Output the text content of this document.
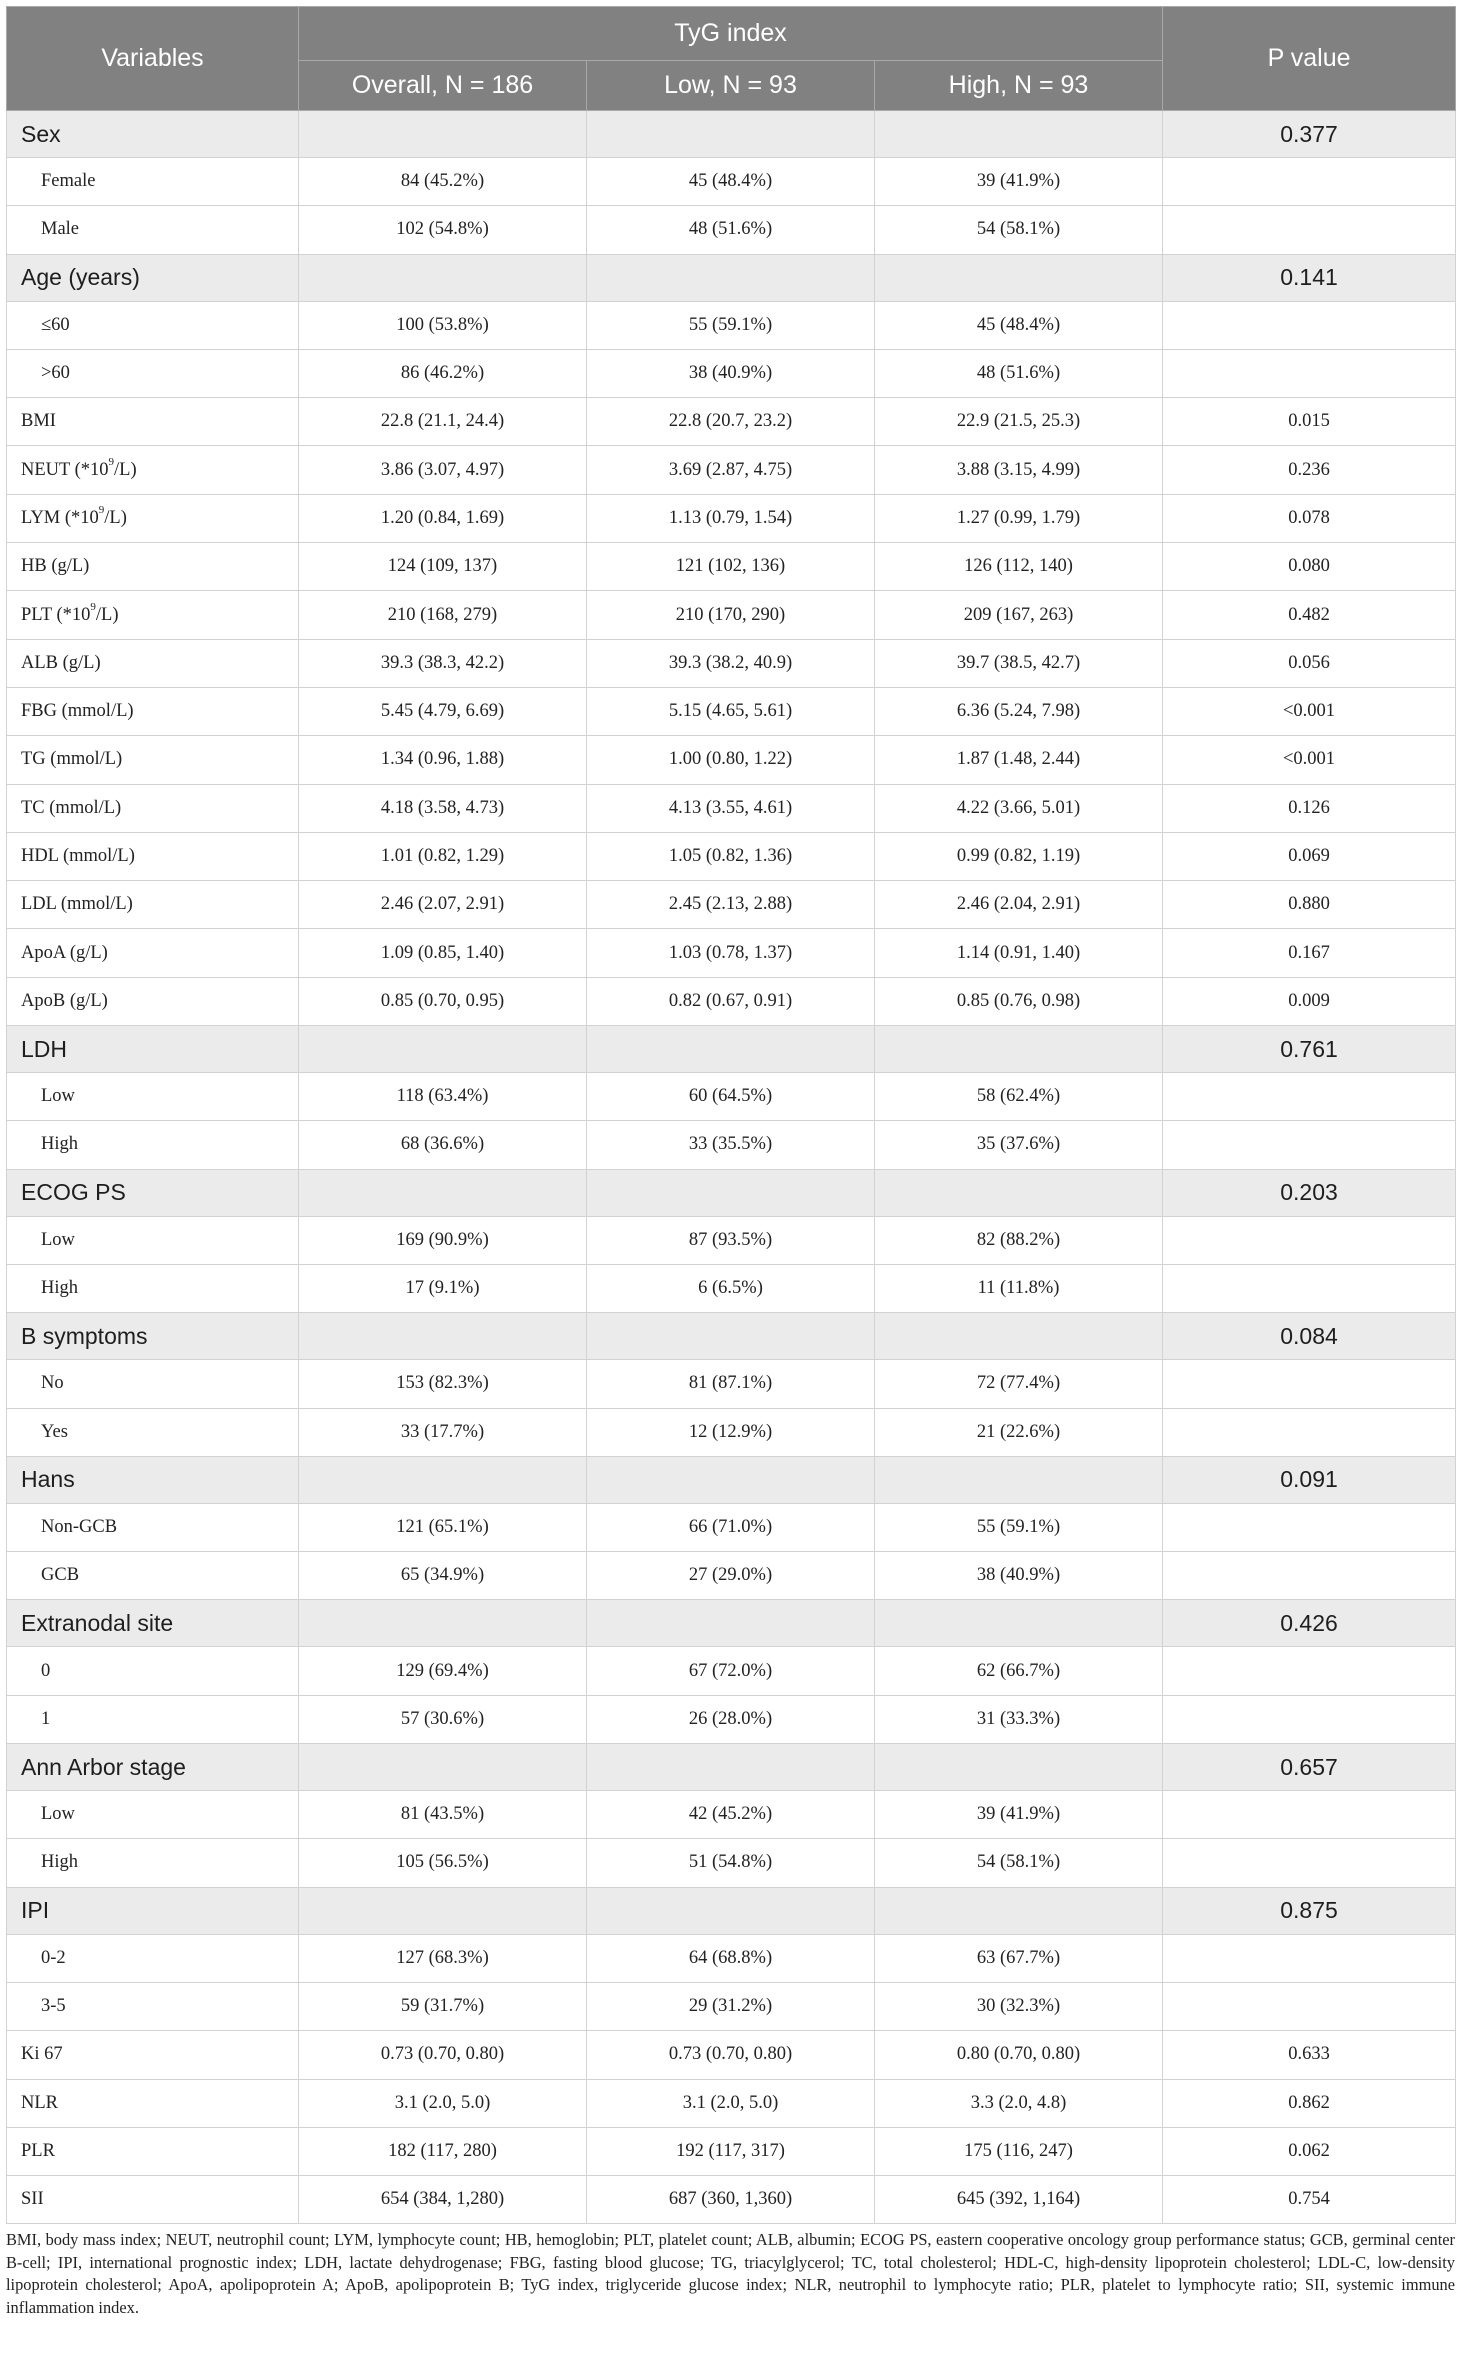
Variables	TyG index			P value
	Overall, N = 186	Low, N = 93	High, N = 93	
Sex				0.377
Female	84 (45.2%)	45 (48.4%)	39 (41.9%)	
Male	102 (54.8%)	48 (51.6%)	54 (58.1%)	
Age (years)				0.141
≤60	100 (53.8%)	55 (59.1%)	45 (48.4%)	
>60	86 (46.2%)	38 (40.9%)	48 (51.6%)	
BMI	22.8 (21.1, 24.4)	22.8 (20.7, 23.2)	22.9 (21.5, 25.3)	0.015
NEUT $(*10^9/L)$	3.86 (3.07, 4.97)	3.69 (2.87, 4.75)	3.88 (3.15, 4.99)	0.236
LYM $(*10^9/L)$	1.20 (0.84, 1.69)	1.13 (0.79, 1.54)	1.27 (0.99, 1.79)	0.078
HB (g/L)	124 (109, 137)	121 (102, 136)	126 (112, 140)	0.080
PLT $(*10^9/L)$	210 (168, 279)	210 (170, 290)	209 (167, 263)	0.482
ALB (g/L)	39.3 (38.3, 42.2)	39.3 (38.2, 40.9)	39.7 (38.5, 42.7)	0.056
FBG (mmol/L)	5.45 (4.79, 6.69)	5.15 (4.65, 5.61)	6.36 (5.24, 7.98)	<0.001
TG (mmol/L)	1.34 (0.96, 1.88)	1.00 (0.80, 1.22)	1.87 (1.48, 2.44)	<0.001
TC (mmol/L)	4.18 (3.58, 4.73)	4.13 (3.55, 4.61)	4.22 (3.66, 5.01)	0.126
HDL (mmol/L)	1.01 (0.82, 1.29)	1.05 (0.82, 1.36)	0.99 (0.82, 1.19)	0.069
LDL (mmol/L)	2.46 (2.07, 2.91)	2.45 (2.13, 2.88)	2.46 (2.04, 2.91)	0.880
ApoA (g/L)	1.09 (0.85, 1.40)	1.03 (0.78, 1.37)	1.14 (0.91, 1.40)	0.167
ApoB (g/L)	0.85 (0.70, 0.95)	0.82 (0.67, 0.91)	0.85 (0.76, 0.98)	0.009
LDH				0.761
Low	118 (63.4%)	60 (64.5%)	58 (62.4%)	
High	68 (36.6%)	33 (35.5%)	35 (37.6%)	
ECOG PS				0.203
Low	169 (90.9%)	87 (93.5%)	82 (88.2%)	
High	17 (9.1%)	6 (6.5%)	11 (11.8%)	
B symptoms				0.084
No	153 (82.3%)	81 (87.1%)	72 (77.4%)	
Yes	33 (17.7%)	12 (12.9%)	21 (22.6%)	
Hans				0.091
Non-GCB	121 (65.1%)	66 (71.0%)	55 (59.1%)	
GCB	65 (34.9%)	27 (29.0%)	38 (40.9%)	
Extranodal site				0.426
0	129 (69.4%)	67 (72.0%)	62 (66.7%)	
1	57 (30.6%)	26 (28.0%)	31 (33.3%)	
Ann Arbor stage				0.657
Low	81 (43.5%)	42 (45.2%)	39 (41.9%)	
High	105 (56.5%)	51 (54.8%)	54 (58.1%)	
IPI				0.875
0-2	127 (68.3%)	64 (68.8%)	63 (67.7%)	
3-5	59 (31.7%)	29 (31.2%)	30 (32.3%)	
Ki 67	0.73 (0.70, 0.80)	0.73 (0.70, 0.80)	0.80 (0.70, 0.80)	0.633
NLR	3.1 (2.0, 5.0)	3.1 (2.0, 5.0)	3.3 (2.0, 4.8)	0.862
PLR	182 (117, 280)	192 (117, 317)	175 (116, 247)	0.062
SII	654 (384, 1,280)	687 (360, 1,360)	645 (392, 1,164)	0.754
BMI, body mass index; NEUT, neutrophil count; LYM, lymphocyte count; HB, hemoglobin; PLT, platelet count; ALB, albumin; ECOG PS, eastern cooperative oncology group performance status; GCB, germinal center B-cell; IPI, international prognostic index; LDH, lactate dehydrogenase; FBG, fasting blood glucose; TG, triacylglycerol; TC, total cholesterol; HDL-C, high-density lipoprotein cholesterol; LDL-C, low-density lipoprotein cholesterol; ApoA, apolipoprotein A; ApoB, apolipoprotein B; TyG index, triglyceride glucose index; NLR, neutrophil to lymphocyte ratio; PLR, platelet to lymphocyte ratio; SII, systemic immune inflammation index.
